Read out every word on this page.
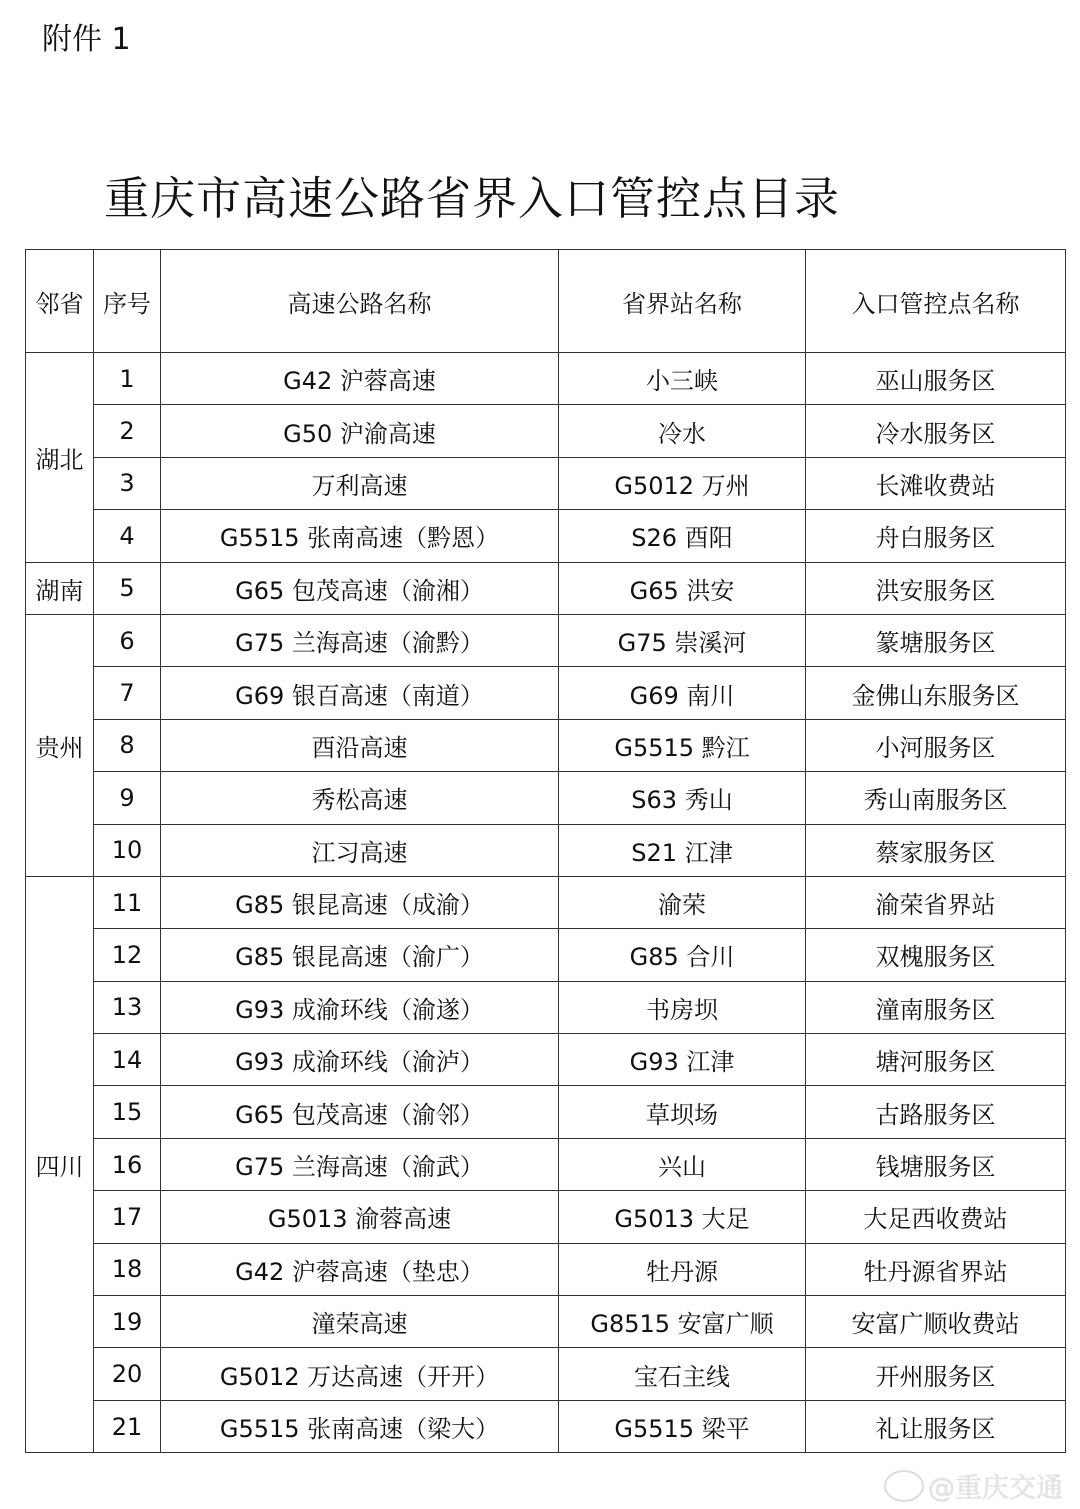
附件 1
重庆市高速公路省界入口管控点目录
邻省	序号	高速公路名称	省界站名称	入口管控点名称
湖北	1	G42 沪蓉高速	小三峡	巫山服务区
	2	G50 沪渝高速	冷水	冷水服务区
	3	万利高速	G5012 万州	长滩收费站
	4	G5515 张南高速（黔恩）	S26 酉阳	舟白服务区
湖南	5	G65 包茂高速（渝湘）	G65 洪安	洪安服务区
贵州	6	G75 兰海高速（渝黔）	G75 崇溪河	篆塘服务区
	7	G69 银百高速（南道）	G69 南川	金佛山东服务区
	8	酉沿高速	G5515 黔江	小河服务区
	9	秀松高速	S63 秀山	秀山南服务区
	10	江习高速	S21 江津	蔡家服务区
四川	11	G85 银昆高速（成渝）	渝荣	渝荣省界站
	12	G85 银昆高速（渝广）	G85 合川	双槐服务区
	13	G93 成渝环线（渝遂）	书房坝	潼南服务区
	14	G93 成渝环线（渝泸）	G93 江津	塘河服务区
	15	G65 包茂高速（渝邻）	草坝场	古路服务区
	16	G75 兰海高速（渝武）	兴山	钱塘服务区
	17	G5013 渝蓉高速	G5013 大足	大足西收费站
	18	G42 沪蓉高速（垫忠）	牡丹源	牡丹源省界站
	19	潼荣高速	G8515 安富广顺	安富广顺收费站
	20	G5012 万达高速（开开）	宝石主线	开州服务区
	21	G5515 张南高速（梁大）	G5515 梁平	礼让服务区
@重庆交通
